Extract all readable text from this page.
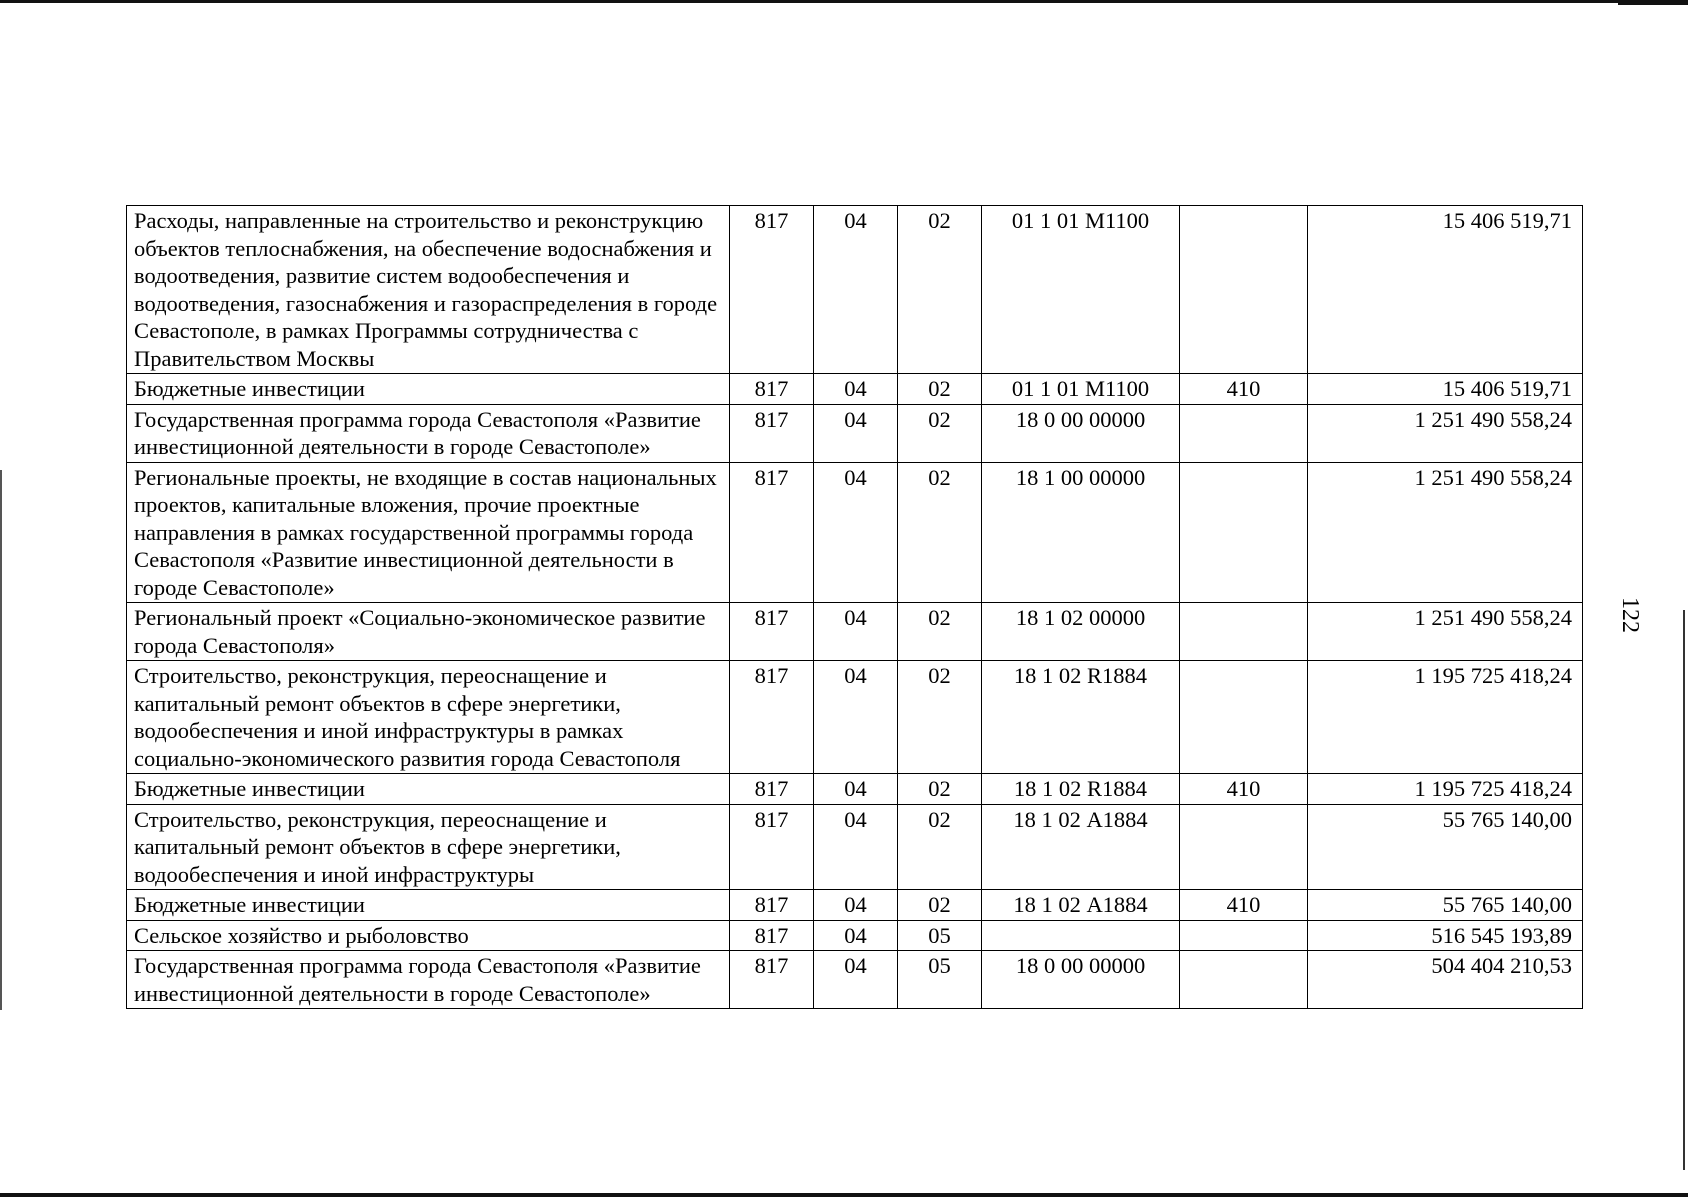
122
Расходы, направленные на строительство и реконструкцию объектов теплоснабжения, на обеспечение водоснабжения и водоотведения, развитие систем водообеспечения и водоотведения, газоснабжения и газораспределения в городе Севастополе, в рамках Программы сотрудничества с Правительством Москвы	817	04	02	01 1 01 М1100		15 406 519,71
Бюджетные инвестиции	817	04	02	01 1 01 М1100	410	15 406 519,71
Государственная программа города Севастополя «Развитие инвестиционной деятельности в городе Севастополе»	817	04	02	18 0 00 00000		1 251 490 558,24
Региональные проекты, не входящие в состав национальных проектов, капитальные вложения, прочие проектные направления в рамках государственной программы города Севастополя «Развитие инвестиционной деятельности в городе Севастополе»	817	04	02	18 1 00 00000		1 251 490 558,24
Региональный проект «Социально-экономическое развитие города Севастополя»	817	04	02	18 1 02 00000		1 251 490 558,24
Строительство, реконструкция, переоснащение и капитальный ремонт объектов в сфере энергетики, водообеспечения и иной инфраструктуры в рамках социально-экономического развития города Севастополя	817	04	02	18 1 02 R1884		1 195 725 418,24
Бюджетные инвестиции	817	04	02	18 1 02 R1884	410	1 195 725 418,24
Строительство, реконструкция, переоснащение и капитальный ремонт объектов в сфере энергетики, водообеспечения и иной инфраструктуры	817	04	02	18 1 02 А1884		55 765 140,00
Бюджетные инвестиции	817	04	02	18 1 02 А1884	410	55 765 140,00
Сельское хозяйство и рыболовство	817	04	05			516 545 193,89
Государственная программа города Севастополя «Развитие инвестиционной деятельности в городе Севастополе»	817	04	05	18 0 00 00000		504 404 210,53
